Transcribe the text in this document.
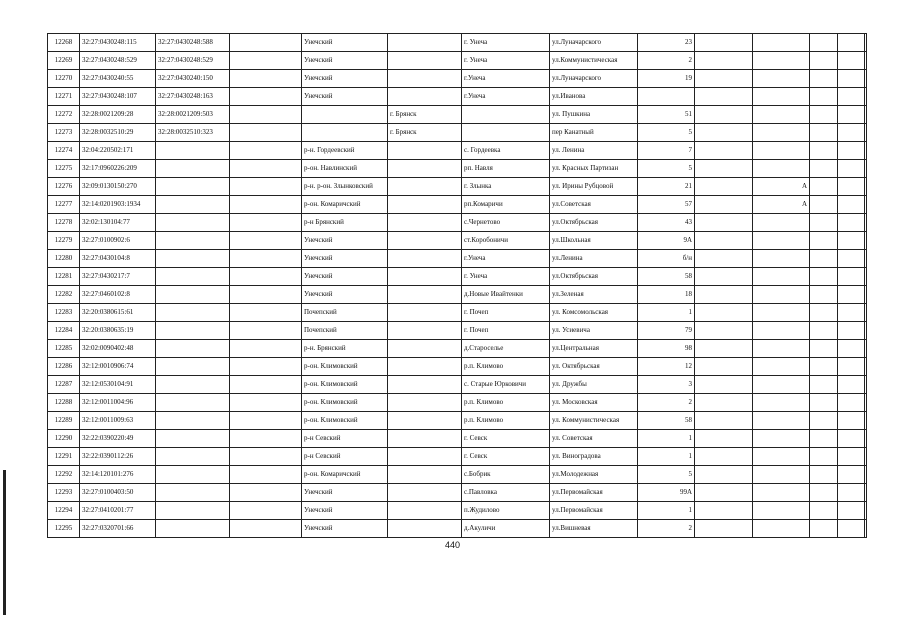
12268	32:27:0430248:115	32:27:0430248:588		Унечский		г. Унеча	ул.Луначарского	23					
12269	32:27:0430248:529	32:27:0430248:529		Унечский		г. Унеча	ул.Коммунистическая	2					
12270	32:27:0430240:55	32:27:0430240:150		Унечский		г.Унеча	ул.Луначарского	19					
12271	32:27:0430248:107	32:27:0430248:163		Унечский		г.Унеча	ул.Иванова						
12272	32:28:0021209:28	32:28:0021209:503			г. Брянск		ул. Пушкина	51					
12273	32:28:0032510:29	32:28:0032510:323			г. Брянск		пер Канатный	5					
12274	32:04:220502:171			р-н. Гордеевский		с. Гордеевка	ул. Ленина	7					
12275	32:17:0960226:209			р-он. Навлинский		рп. Навля	ул. Красных Партизан	5					
12276	32:09:0130150:270			р-н. р-он. Злынковский		г. Злынка	ул. Ирины Рубцовой	21		А			
12277	32:14:0201903:1934			р-он. Комаричский		рп.Комаричи	ул.Советская	57		А			
12278	32:02:130104:77			р-н Брянский		с.Чернетово	ул.Октябрьская	43					
12279	32:27:0100902:6			Унечский		ст.Коробоничи	ул.Школьная	9А					
12280	32:27:0430104:8			Унечский		г.Унеча	ул.Ленина	б/н					
12281	32:27:0430217:7			Унечский		г. Унеча	ул.Октябрьская	58					
12282	32:27:0460102:8			Унечский		д.Новые Ивайтенки	ул.Зеленая	18					
12283	32:20:0380615:61			Почепский		г. Почеп	ул. Комсомольская	1					
12284	32:20:0380635:19			Почепский		г. Почеп	ул. Усиевича	79					
12285	32:02:0090402:48			р-н. Брянский		д.Староселье	ул.Центральная	98					
12286	32:12:0010906:74			р-он. Климовский		р.п. Климово	ул. Октябрьская	12					
12287	32:12:0530104:91			р-он. Климовский		с. Старые Юрковичи	ул. Дружбы	3					
12288	32:12:0011004:96			р-он. Климовский		р.п. Климово	ул. Московская	2					
12289	32:12:0011009:63			р-он. Климовский		р.п. Климово	ул. Коммунистическая	58					
12290	32:22:0390220:49			р-н Севский		г. Севск	ул. Советская	1					
12291	32:22:0390112:26			р-н Севский		г. Севск	ул. Виноградова	1					
12292	32:14:120101:276			р-он. Комаричский		с.Бобрик	ул.Молодежная	5					
12293	32:27:0100403:50			Унечский		с.Павловка	ул.Первомайская	99А					
12294	32:27:0410201:77			Унечский		п.Жудилово	ул.Первомайская	1					
12295	32:27:0320701:66			Унечский		д.Акуличи	ул.Вишневая	2					
440
